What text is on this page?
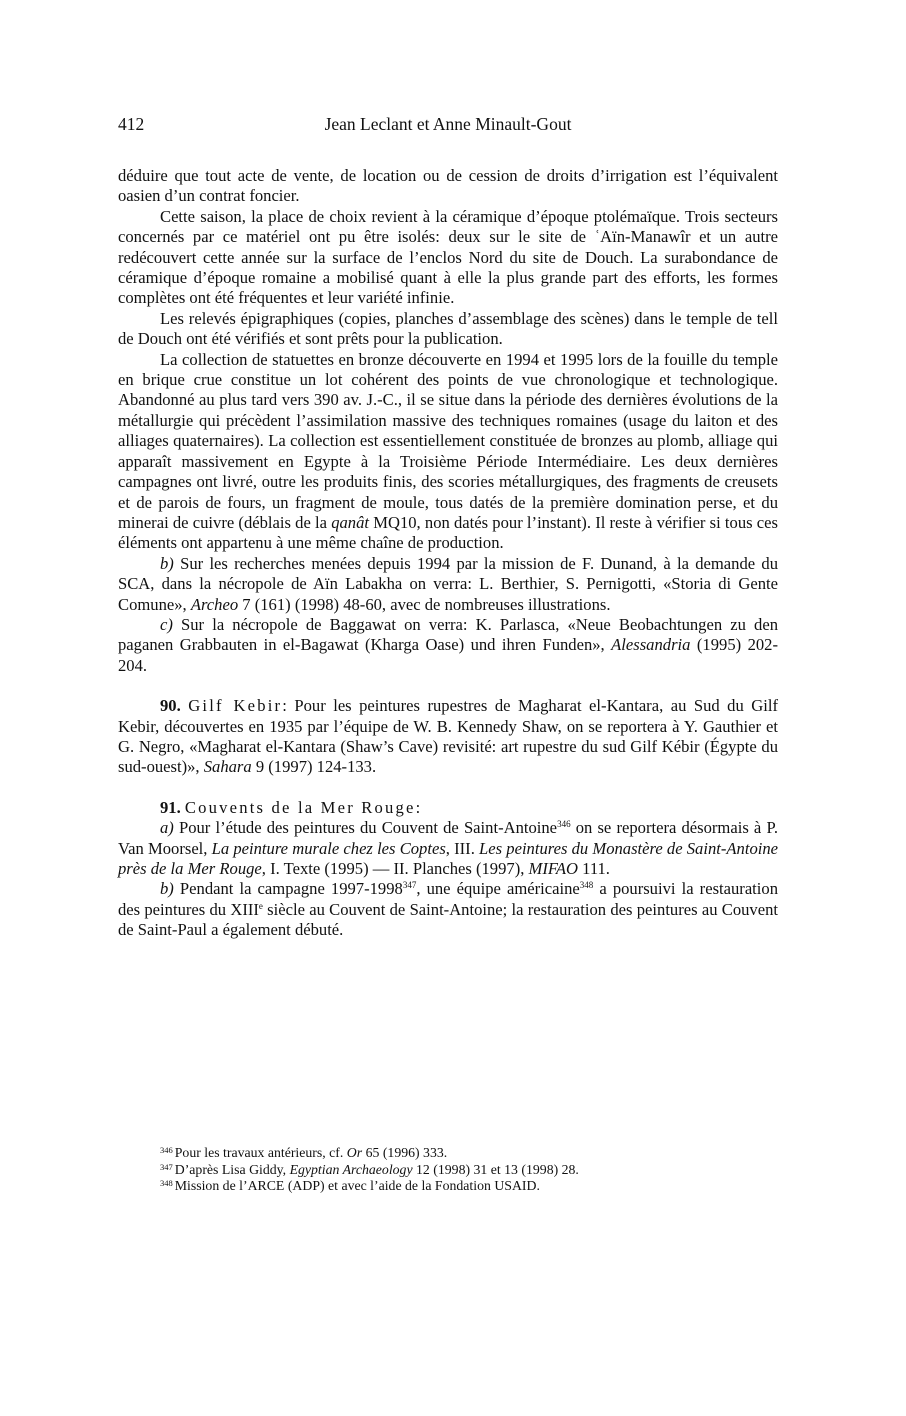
412	Jean Leclant et Anne Minault-Gout

déduire que tout acte de vente, de location ou de cession de droits d’irrigation est l’équivalent oasien d’un contrat foncier.

Cette saison, la place de choix revient à la céramique d’époque ptolémaïque. Trois secteurs concernés par ce matériel ont pu être isolés: deux sur le site de ʿAïn-Manawîr et un autre redécouvert cette année sur la surface de l’enclos Nord du site de Douch. La surabondance de céramique d’époque romaine a mobilisé quant à elle la plus grande part des efforts, les formes complètes ont été fréquentes et leur variété infinie.

Les relevés épigraphiques (copies, planches d’assemblage des scènes) dans le temple de tell de Douch ont été vérifiés et sont prêts pour la publication.

La collection de statuettes en bronze découverte en 1994 et 1995 lors de la fouille du temple en brique crue constitue un lot cohérent des points de vue chronologique et technologique. Abandonné au plus tard vers 390 av. J.-C., il se situe dans la période des dernières évolutions de la métallurgie qui précèdent l’assimilation massive des techniques romaines (usage du laiton et des alliages quaternaires). La collection est essentiellement constituée de bronzes au plomb, alliage qui apparaît massivement en Egypte à la Troisième Période Intermédiaire. Les deux dernières campagnes ont livré, outre les produits finis, des scories métallurgiques, des fragments de creusets et de parois de fours, un fragment de moule, tous datés de la première domination perse, et du minerai de cuivre (déblais de la qanât MQ10, non datés pour l’instant). Il reste à vérifier si tous ces éléments ont appartenu à une même chaîne de production.

b) Sur les recherches menées depuis 1994 par la mission de F. Dunand, à la demande du SCA, dans la nécropole de Aïn Labakha on verra: L. Berthier, S. Pernigotti, «Storia di Gente Comune», Archeo 7 (161) (1998) 48-60, avec de nombreuses illustrations.

c) Sur la nécropole de Baggawat on verra: K. Parlasca, «Neue Beobachtungen zu den paganen Grabbauten in el-Bagawat (Kharga Oase) und ihren Funden», Alessandria (1995) 202-204.

90. Gilf Kebir: Pour les peintures rupestres de Magharat el-Kantara, au Sud du Gilf Kebir, découvertes en 1935 par l’équipe de W. B. Kennedy Shaw, on se reportera à Y. Gauthier et G. Negro, «Magharat el-Kantara (Shaw’s Cave) revisité: art rupestre du sud Gilf Kébir (Égypte du sud-ouest)», Sahara 9 (1997) 124-133.

91. Couvents de la Mer Rouge:

a) Pour l’étude des peintures du Couvent de Saint-Antoine$^{346}$ on se reportera désormais à P. Van Moorsel, La peinture murale chez les Coptes, III. Les peintures du Monastère de Saint-Antoine près de la Mer Rouge, I. Texte (1995) — II. Planches (1997), MIFAO 111.

b) Pendant la campagne 1997-1998$^{347}$, une équipe américaine$^{348}$ a poursuivi la restauration des peintures du XIIIe siècle au Couvent de Saint-Antoine; la restauration des peintures au Couvent de Saint-Paul a également débuté.

$^{346}$ Pour les travaux antérieurs, cf. Or 65 (1996) 333.

$^{347}$ D’après Lisa Giddy, Egyptian Archaeology 12 (1998) 31 et 13 (1998) 28.

$^{348}$ Mission de l’ARCE (ADP) et avec l’aide de la Fondation USAID.
